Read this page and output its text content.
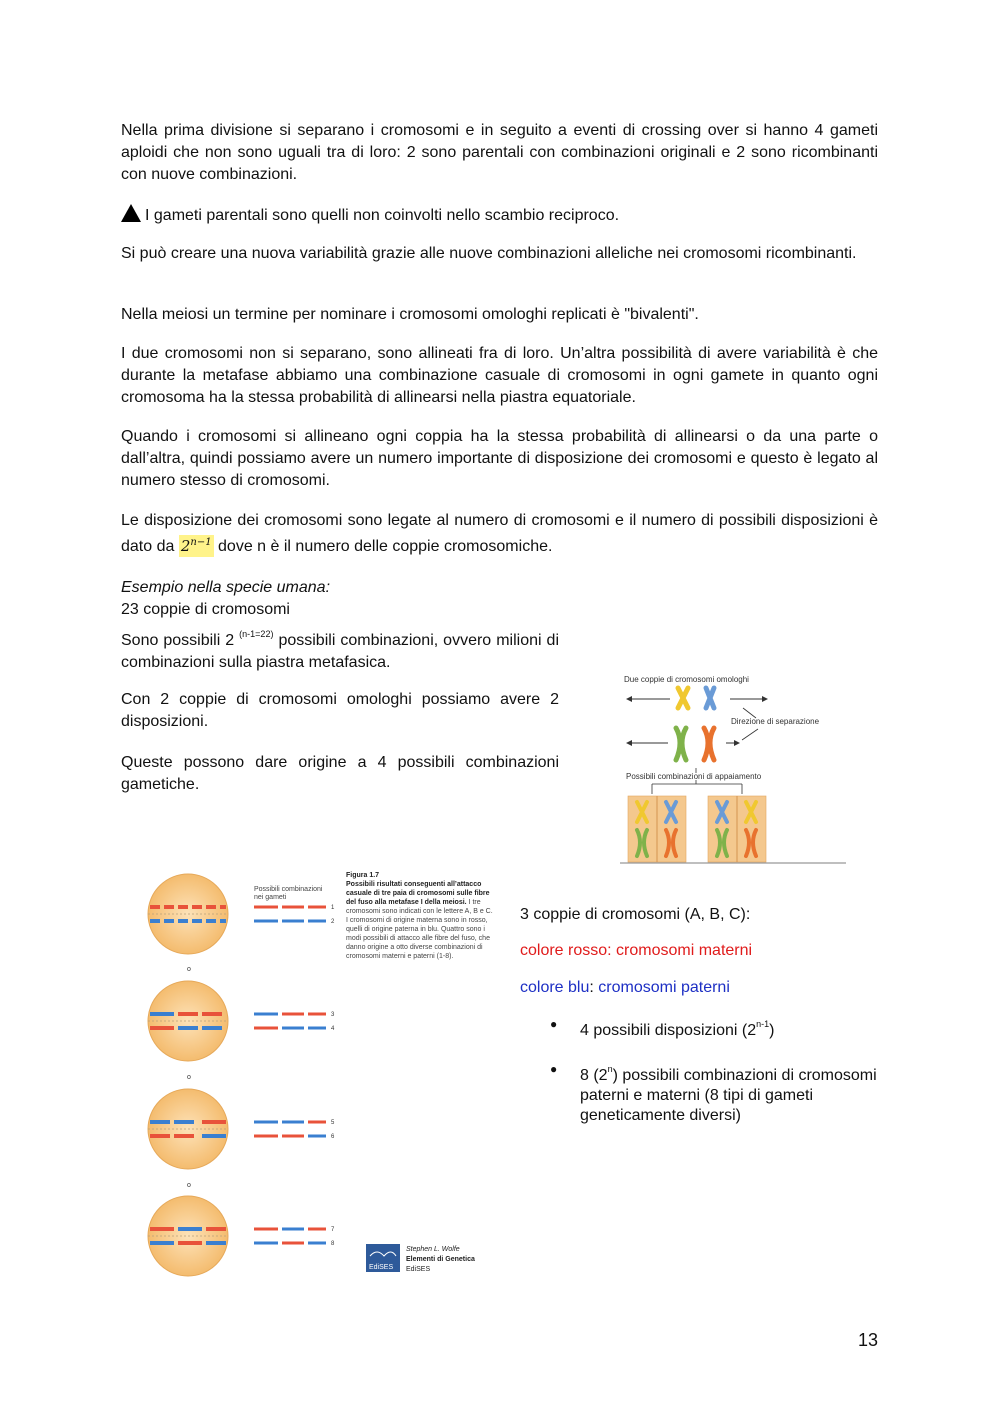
Nella prima divisione si separano i cromosomi e in seguito a eventi di crossing over si hanno 4 gameti aploidi che non sono uguali tra di loro: 2 sono parentali con combinazioni originali e 2 sono ricombinanti con nuove combinazioni.

I gameti parentali sono quelli non coinvolti nello scambio reciproco.

Si può creare una nuova variabilità grazie alle nuove combinazioni alleliche nei cromosomi ricombinanti.

Nella meiosi un termine per nominare i cromosomi omologhi replicati è "bivalenti".

I due cromosomi non si separano, sono allineati fra di loro. Un’altra possibilità di avere variabilità è che durante la metafase abbiamo una combinazione casuale di cromosomi in ogni gamete in quanto ogni cromosoma ha la stessa probabilità di allinearsi nella piastra equatoriale.

Quando i cromosomi si allineano ogni coppia ha la stessa probabilità di allinearsi o da una parte o dall’altra, quindi possiamo avere un numero importante di disposizione dei cromosomi e questo è legato al numero stesso di cromosomi.

Le disposizione dei cromosomi sono legate al numero di cromosomi e il numero di possibili disposizioni è dato da $2^{n-1}$ dove n è il numero delle coppie cromosomiche.

Esempio nella specie umana:

23 coppie di cromosomi

Sono possibili 2 $^{(n-1=22)}$ possibili combinazioni, ovvero milioni di combinazioni sulla piastra metafasica.

Con 2 coppie di cromosomi omologhi possiamo avere 2 disposizioni.

Queste possono dare origine a 4 possibili combinazioni gametiche.

Due coppie di cromosomi omologhi
Direzione di separazione
Possibili combinazioni di appaiamento
Possibili combinazioni
nei gameti
1
2
o
3
4
o
5
6
o
7
8
EdiSES
Stephen L. Wolfe
Elementi di Genetica
EdiSES
Figura 1.7
Possibili risultati conseguenti all’attacco casuale di tre paia di cromosomi sulle fibre del fuso alla metafase I della meiosi. I tre cromosomi sono indicati con le lettere A, B e C. I cromosomi di origine materna sono in rosso, quelli di origine paterna in blu. Quattro sono i modi possibili di attacco alle fibre del fuso, che danno origine a otto diverse combinazioni di cromosomi materni e paterni (1-8).

3 coppie di cromosomi (A, B, C):

colore rosso: cromosomi materni

colore blu: cromosomi paterni

● 4 possibili disposizioni (2$^{n-1}$)
● 8 (2$^n$) possibili combinazioni di cromosomi paterni e materni (8 tipi di gameti geneticamente diversi)
13
